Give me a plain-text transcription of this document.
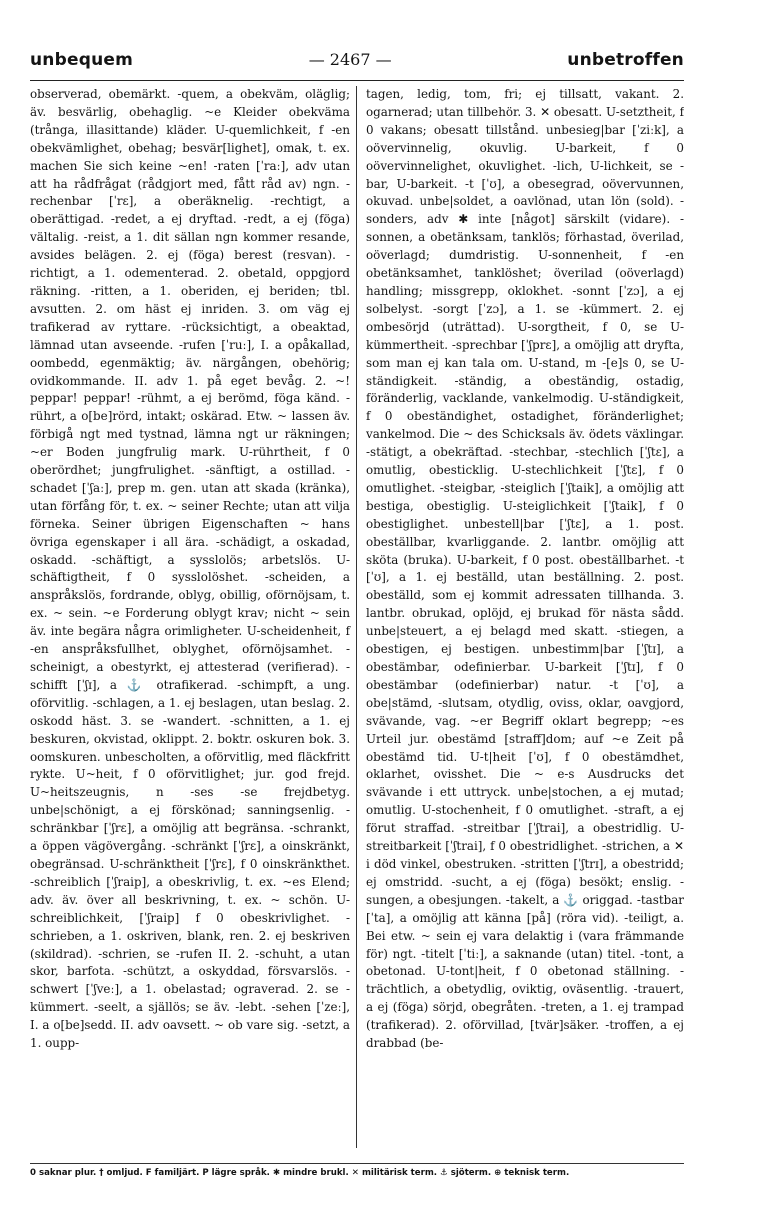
unbequem	— 2467 —	unbetroffen

observerad, obemärkt. -quem, a obekväm, oläglig; äv. besvärlig, obehaglig. ~e Kleider obekväma (trånga, illasittande) kläder. U-quemlichkeit, f -en obekvämlighet, obehag; besvär[lighet], omak, t. ex. machen Sie sich keine ~en! -raten [ˈraː], adv utan att ha rådfrågat (rådgjort med, fått råd av) ngn. -rechenbar [ˈrɛ], a oberäknelig. -rechtigt, a oberättigad. -redet, a ej dryftad. -redt, a ej (föga) vältalig. -reist, a 1. dit sällan ngn kommer resande, avsides belägen. 2. ej (föga) berest (resvan). -richtigt, a 1. odementerad. 2. obetald, oppgjord räkning. -ritten, a 1. oberiden, ej beriden; tbl. avsutten. 2. om häst ej inriden. 3. om väg ej trafikerad av ryttare. -rücksichtigt, a obeaktad, lämnad utan avseende. -rufen [ˈruː], I. a opåkallad, oombedd, egenmäktig; äv. närgången, obehörig; ovidkommande. II. adv 1. på eget bevåg. 2. ~! peppar! peppar! -rühmt, a ej berömd, föga känd. -rührt, a o[be]rörd, intakt; oskärad. Etw. ~ lassen äv. förbigå ngt med tystnad, lämna ngt ur räkningen; ~er Boden jungfrulig mark. U-rührtheit, f 0 oberördhet; jungfrulighet. -sänftigt, a ostillad. -schadet [ˈʃaː], prep m. gen. utan att skada (kränka), utan förfång för, t. ex. ~ seiner Rechte; utan att vilja förneka. Seiner übrigen Eigenschaften ~ hans övriga egenskaper i all ära. -schädigt, a oskadad, oskadd. -schäftigt, a sysslolös; arbetslös. U-schäftigtheit, f 0 sysslolöshet. -scheiden, a anspråkslös, fordrande, oblyg, obillig, oförnöjsam, t. ex. ~ sein. ~e Forderung oblygt krav; nicht ~ sein äv. inte begära några orimligheter. U-scheidenheit, f -en anspråksfullhet, oblyghet, oförnöjsamhet. -scheinigt, a obestyrkt, ej attesterad (verifierad). -schifft [ˈʃɪ], a ⚓ otrafikerad. -schimpft, a ung. oförvitlig. -schlagen, a 1. ej beslagen, utan beslag. 2. oskodd häst. 3. se -wandert. -schnitten, a 1. ej beskuren, okvistad, oklippt. 2. boktr. oskuren bok. 3. oomskuren. unbescholten, a oförvitlig, med fläckfritt rykte. U~heit, f 0 oförvitlighet; jur. god frejd. U~heitszeugnis, n -ses -se frejdbetyg. unbe|schönigt, a ej förskönad; sanningsenlig. -schränkbar [ˈʃrɛ], a omöjlig att begränsa. -schrankt, a öppen vägövergång. -schränkt [ˈʃrɛ], a oinskränkt, obegränsad. U-schränktheit [ˈʃrɛ], f 0 oinskränkthet. -schreiblich [ˈʃraip], a obeskrivlig, t. ex. ~es Elend; adv. äv. över all beskrivning, t. ex. ~ schön. U-schreiblichkeit, [ˈʃraip] f 0 obeskrivlighet. -schrieben, a 1. oskriven, blank, ren. 2. ej beskriven (skildrad). -schrien, se -rufen II. 2. -schuht, a utan skor, barfota. -schützt, a oskyddad, försvarslös. -schwert [ˈʃveː], a 1. obelastad; ograverad. 2. se -kümmert. -seelt, a själlös; se äv. -lebt. -sehen [ˈzeː], I. a o[be]sedd. II. adv oavsett. ~ ob vare sig. -setzt, a 1. oupp-

tagen, ledig, tom, fri; ej tillsatt, vakant. 2. ogarnerad; utan tillbehör. 3. ✕ obesatt. U-setztheit, f 0 vakans; obesatt tillstånd. unbesieg|bar [ˈziːk], a oövervinnelig, okuvlig. U-barkeit, f 0 oövervinnelighet, okuvlighet. -lich, U-lichkeit, se -bar, U-barkeit. -t [ˈʊ], a obesegrad, oövervunnen, okuvad. unbe|soldet, a oavlönad, utan lön (sold). -sonders, adv ✱ inte [något] särskilt (vidare). -sonnen, a obetänksam, tanklös; förhastad, överilad, oöverlagd; dumdristig. U-sonnenheit, f -en obetänksamhet, tanklöshet; överilad (oöverlagd) handling; missgrepp, oklokhet. -sonnt [ˈzɔ], a ej solbelyst. -sorgt [ˈzɔ], a 1. se -kümmert. 2. ej ombesörjd (uträttad). U-sorgtheit, f 0, se U-kümmertheit. -sprechbar [ˈʃprɛ], a omöjlig att dryfta, som man ej kan tala om. U-stand, m -[e]s 0, se U-ständigkeit. -ständig, a obeständig, ostadig, föränderlig, vacklande, vankelmodig. U-ständigkeit, f 0 obeständighet, ostadighet, föränderlighet; vankelmod. Die ~ des Schicksals äv. ödets växlingar. -stätigt, a obekräftad. -stechbar, -stechlich [ˈʃtɛ], a omutlig, obesticklig. U-stechlichkeit [ˈʃtɛ], f 0 omutlighet. -steigbar, -steiglich [ˈʃtaik], a omöjlig att bestiga, obestiglig. U-steiglichkeit [ˈʃtaik], f 0 obestiglighet. unbestell|bar [ˈʃtɛ], a 1. post. obeställbar, kvarliggande. 2. lantbr. omöjlig att sköta (bruka). U-barkeit, f 0 post. obeställbarhet. -t [ˈʊ], a 1. ej beställd, utan beställning. 2. post. obeställd, som ej kommit adressaten tillhanda. 3. lantbr. obrukad, oplöjd, ej brukad för nästa sådd. unbe|steuert, a ej belagd med skatt. -stiegen, a obestigen, ej bestigen. unbestimm|bar [ˈʃtɪ], a obestämbar, odefinierbar. U-barkeit [ˈʃtɪ], f 0 obestämbar (odefinierbar) natur. -t [ˈʊ], a obe|stämd, -slutsam, otydlig, oviss, oklar, oavgjord, svävande, vag. ~er Begriff oklart begrepp; ~es Urteil jur. obestämd [straff]dom; auf ~e Zeit på obestämd tid. U-t|heit [ˈʊ], f 0 obestämdhet, oklarhet, ovisshet. Die ~ e-s Ausdrucks det svävande i ett uttryck. unbe|stochen, a ej mutad; omutlig. U-stochenheit, f 0 omutlighet. -straft, a ej förut straffad. -streitbar [ˈʃtrai], a obestridlig. U-streitbarkeit [ˈʃtrai], f 0 obestridlighet. -strichen, a ✕ i död vinkel, obestruken. -stritten [ˈʃtrɪ], a obestridd; ej omstridd. -sucht, a ej (föga) besökt; enslig. -sungen, a obesjungen. -takelt, a ⚓ origgad. -tastbar [ˈta], a omöjlig att känna [på] (röra vid). -teiligt, a. Bei etw. ~ sein ej vara delaktig i (vara främmande för) ngt. -titelt [ˈtiː], a saknande (utan) titel. -tont, a obetonad. U-tont|heit, f 0 obetonad ställning. -trächtlich, a obetydlig, oviktig, oväsentlig. -trauert, a ej (föga) sörjd, obegråten. -treten, a 1. ej trampad (trafikerad). 2. oförvillad, [tvär]säker. -troffen, a ej drabbad (be-

0 saknar plur. † omljud. F familjärt. P lägre språk. ✱ mindre brukl. ✕ militärisk term. ⚓ sjöterm. ⊕ teknisk term.
